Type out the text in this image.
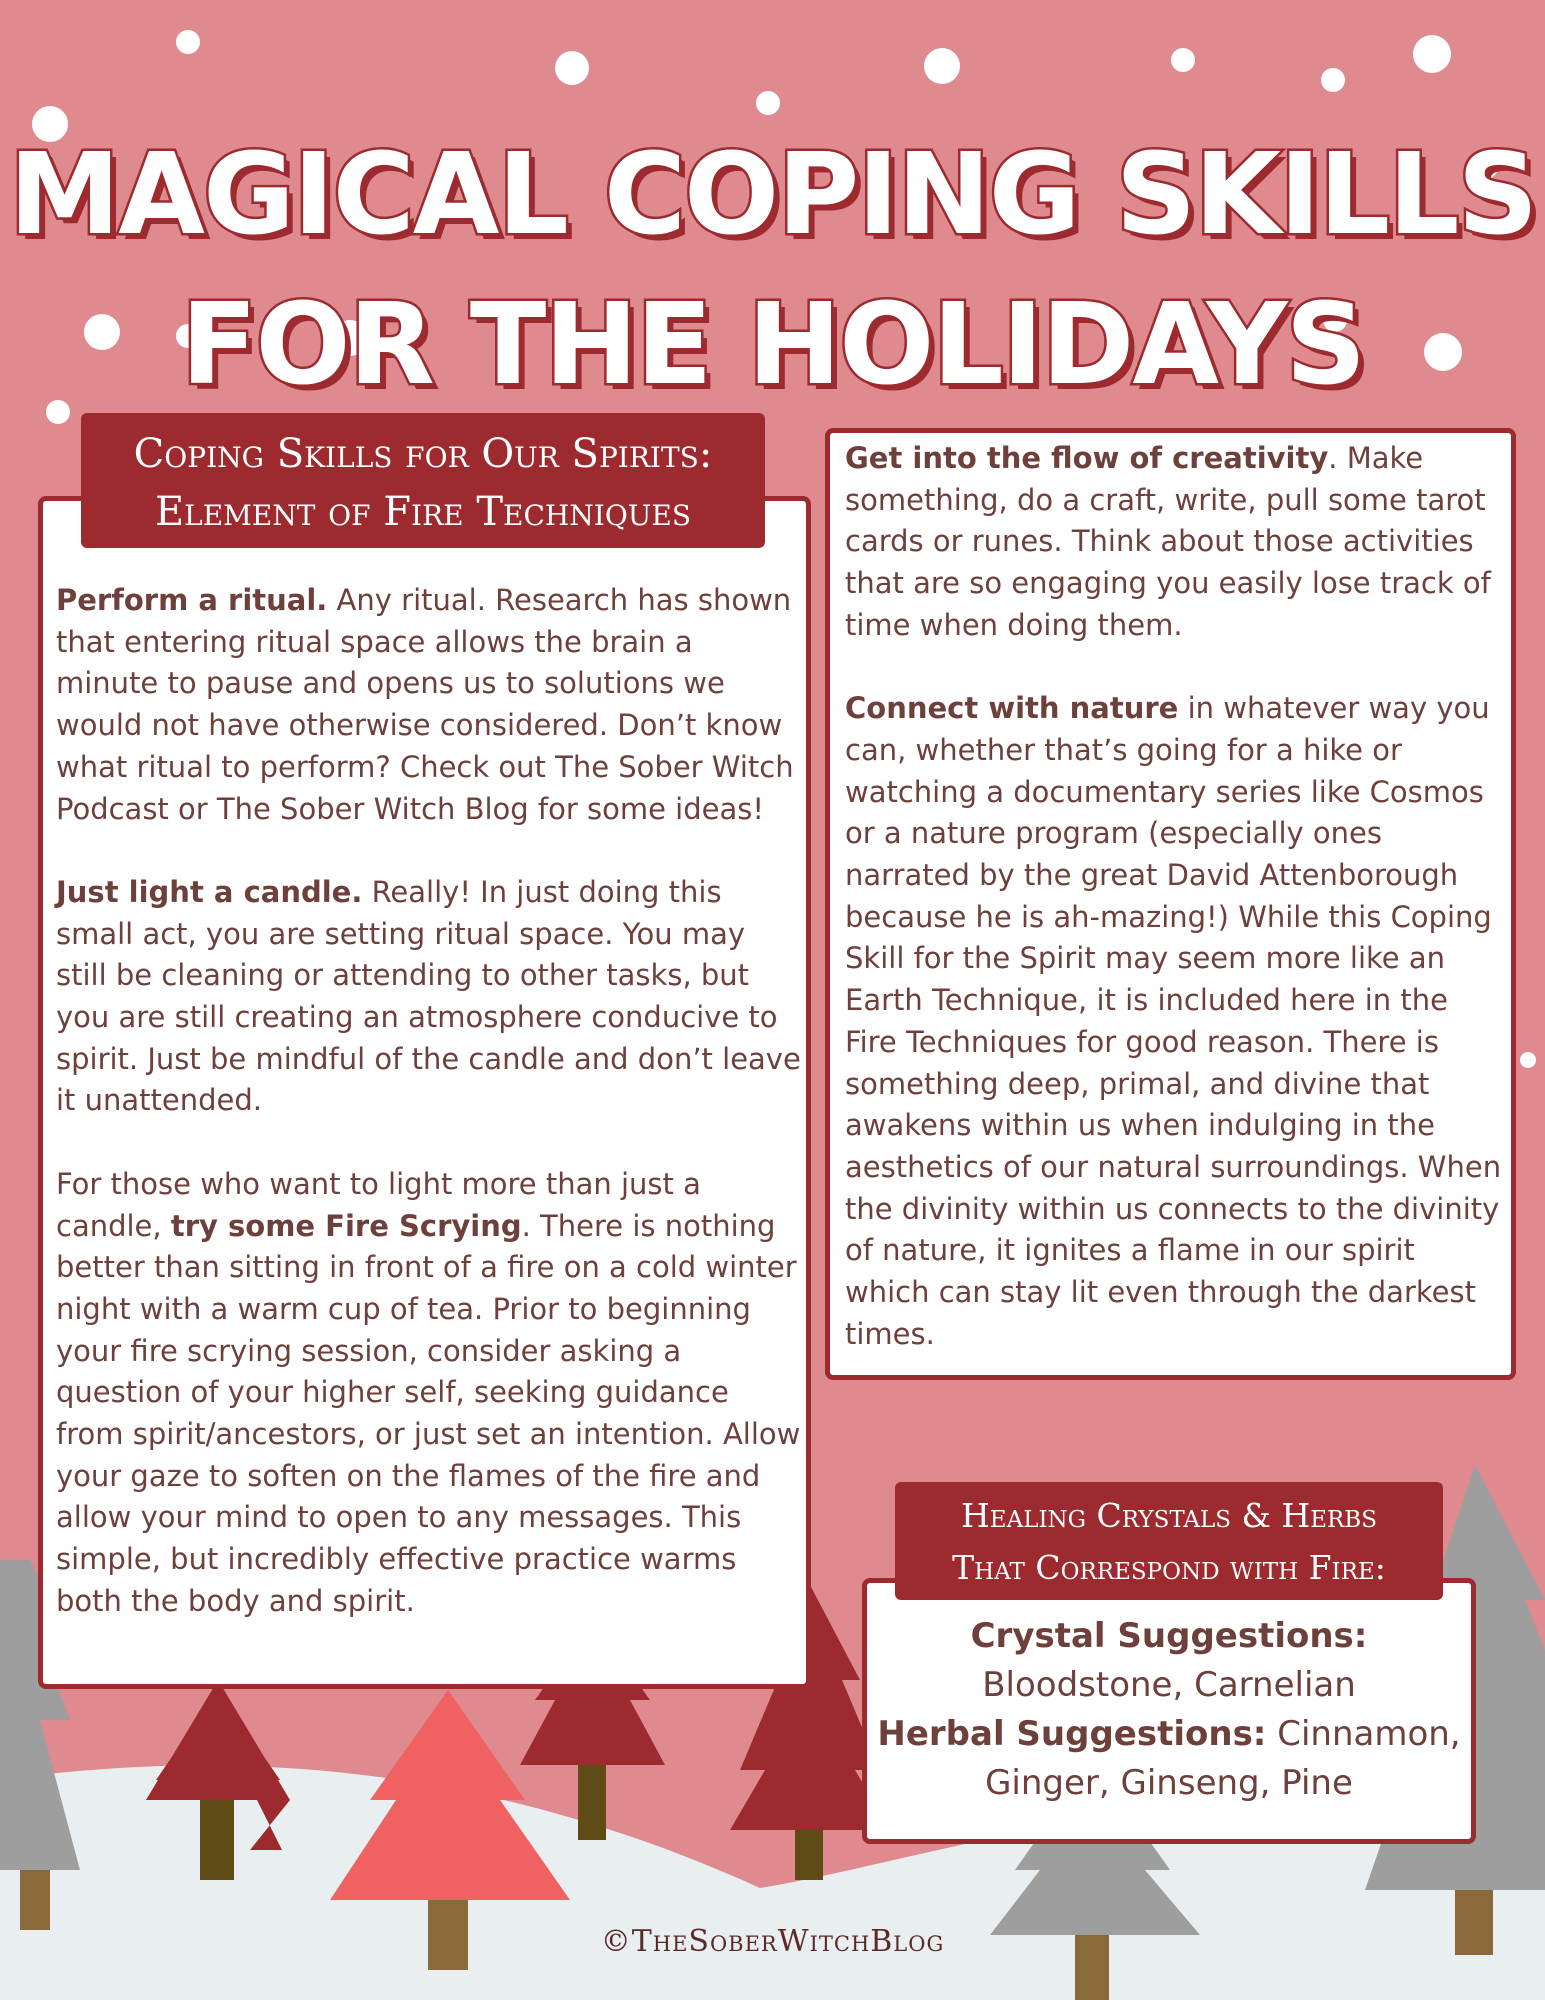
MAGICAL COPING SKILLS
FOR THE HOLIDAYS
Coping Skills for Our Spirits:
Element of Fire Techniques

Perform a ritual. Any ritual. Research has shown that entering ritual space allows the brain a minute to pause and opens us to solutions we would not have otherwise considered. Don’t know what ritual to perform? Check out The Sober Witch Podcast or The Sober Witch Blog for some ideas!

Just light a candle. Really! In just doing this small act, you are setting ritual space. You may still be cleaning or attending to other tasks, but you are still creating an atmosphere conducive to spirit. Just be mindful of the candle and don’t leave it unattended.

For those who want to light more than just a candle, try some Fire Scrying. There is nothing better than sitting in front of a fire on a cold winter night with a warm cup of tea. Prior to beginning your fire scrying session, consider asking a question of your higher self, seeking guidance from spirit/ancestors, or just set an intention. Allow your gaze to soften on the flames of the fire and allow your mind to open to any messages. This simple, but incredibly effective practice warms both the body and spirit.

Get into the flow of creativity. Make something, do a craft, write, pull some tarot cards or runes. Think about those activities that are so engaging you easily lose track of time when doing them.

Connect with nature in whatever way you can, whether that’s going for a hike or watching a documentary series like Cosmos or a nature program (especially ones narrated by the great David Attenborough because he is ah-mazing!) While this Coping Skill for the Spirit may seem more like an Earth Technique, it is included here in the Fire Techniques for good reason. There is something deep, primal, and divine that awakens within us when indulging in the aesthetics of our natural surroundings. When the divinity within us connects to the divinity of nature, it ignites a flame in our spirit which can stay lit even through the darkest times.

Healing Crystals & Herbs
That Correspond with Fire:
Crystal Suggestions:
Bloodstone, Carnelian
Herbal Suggestions: Cinnamon,
Ginger, Ginseng, Pine
©TheSoberWitchBlog
